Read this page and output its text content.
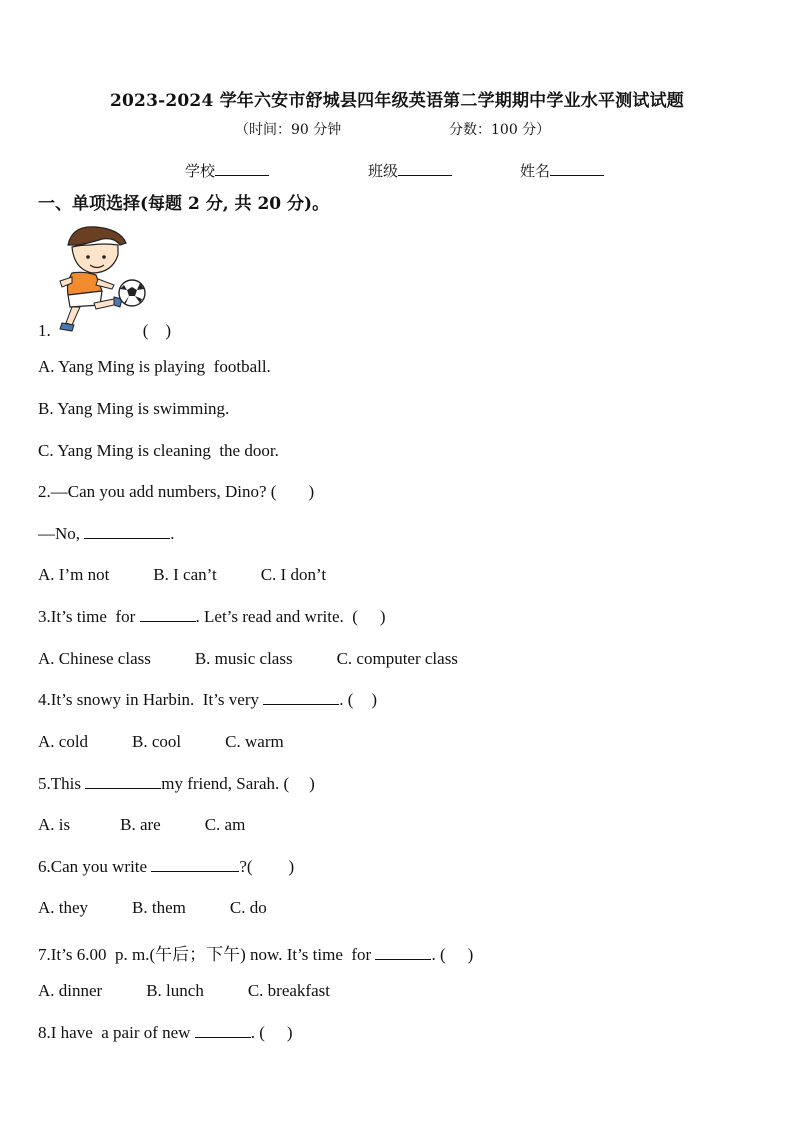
2023-2024 学年六安市舒城县四年级英语第二学期期中学业水平测试试题
（时间：90 分钟	分数：100 分）
学校	班级	姓名
一、单项选择(每题 2 分, 共 20 分)。
1.	(    )
A. Yang Ming is playing  football.
B. Yang Ming is swimming.
C. Yang Ming is cleaning  the door.
2.—Can you add numbers, Dino? ( )
—No,	.
A. I’m not	B. I can’t	C. I don’t
3.It’s time  for	. Let’s read and write.  ( )
A. Chinese class	B. music class	C. computer class
4.It’s snowy in Harbin.  It’s very	. ( )
A. cold	B. cool	C. warm
5.This	my friend, Sarah. ( )
A. is	B. are	C. am
6.Can you write	?( )
A. they	B. them	C. do
7.It’s 6.00  p. m.(午后；下午) now. It’s time  for	. ( )
A. dinner	B. lunch	C. breakfast
8.I have  a pair of new	. ( )
